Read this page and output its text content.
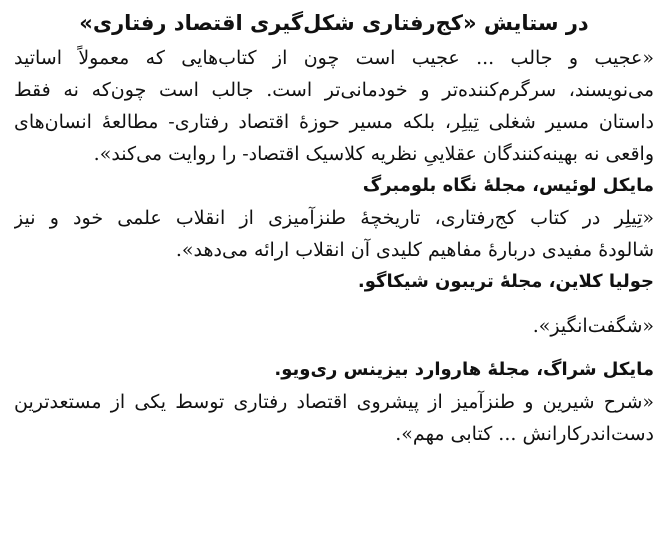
در ستایش «کج‌رفتاری شکل‌گیری اقتصاد رفتاری»
«عجیب و جالب ... عجیب است چون از کتاب‌هایی که معمولاً اساتید
می‌نویسند، سرگرم‌کننده‌تر و خودمانی‌تر است. جالب است چون‌که نه فقط
داستان مسیر شغلی تِیلِر، بلکه مسیر حوزهٔ اقتصاد رفتاری- مطالعهٔ انسان‌های
واقعی نه بهینه‌کنندگان عقلاییِ نظریه کلاسیک اقتصاد- را روایت می‌کند».
مایکل لوئیس، مجلهٔ نگاه بلومبرگ
«تِیلِر در کتاب کج‌رفتاری، تاریخچهٔ طنزآمیزی از انقلاب علمی خود و نیز
شالودهٔ مفیدی دربارهٔ مفاهیم کلیدی آن انقلاب ارائه می‌دهد».
جولیا کلاین، مجلهٔ تریبون شیکاگو.
«شگفت‌انگیز».
مایکل شراگ، مجلهٔ هاروارد بیزینس ری‌ویو.
«شرح شیرین و طنزآمیز از پیشروی اقتصاد رفتاری توسط یکی از مستعدترین
دست‌اندرکارانش ... کتابی مهم».
